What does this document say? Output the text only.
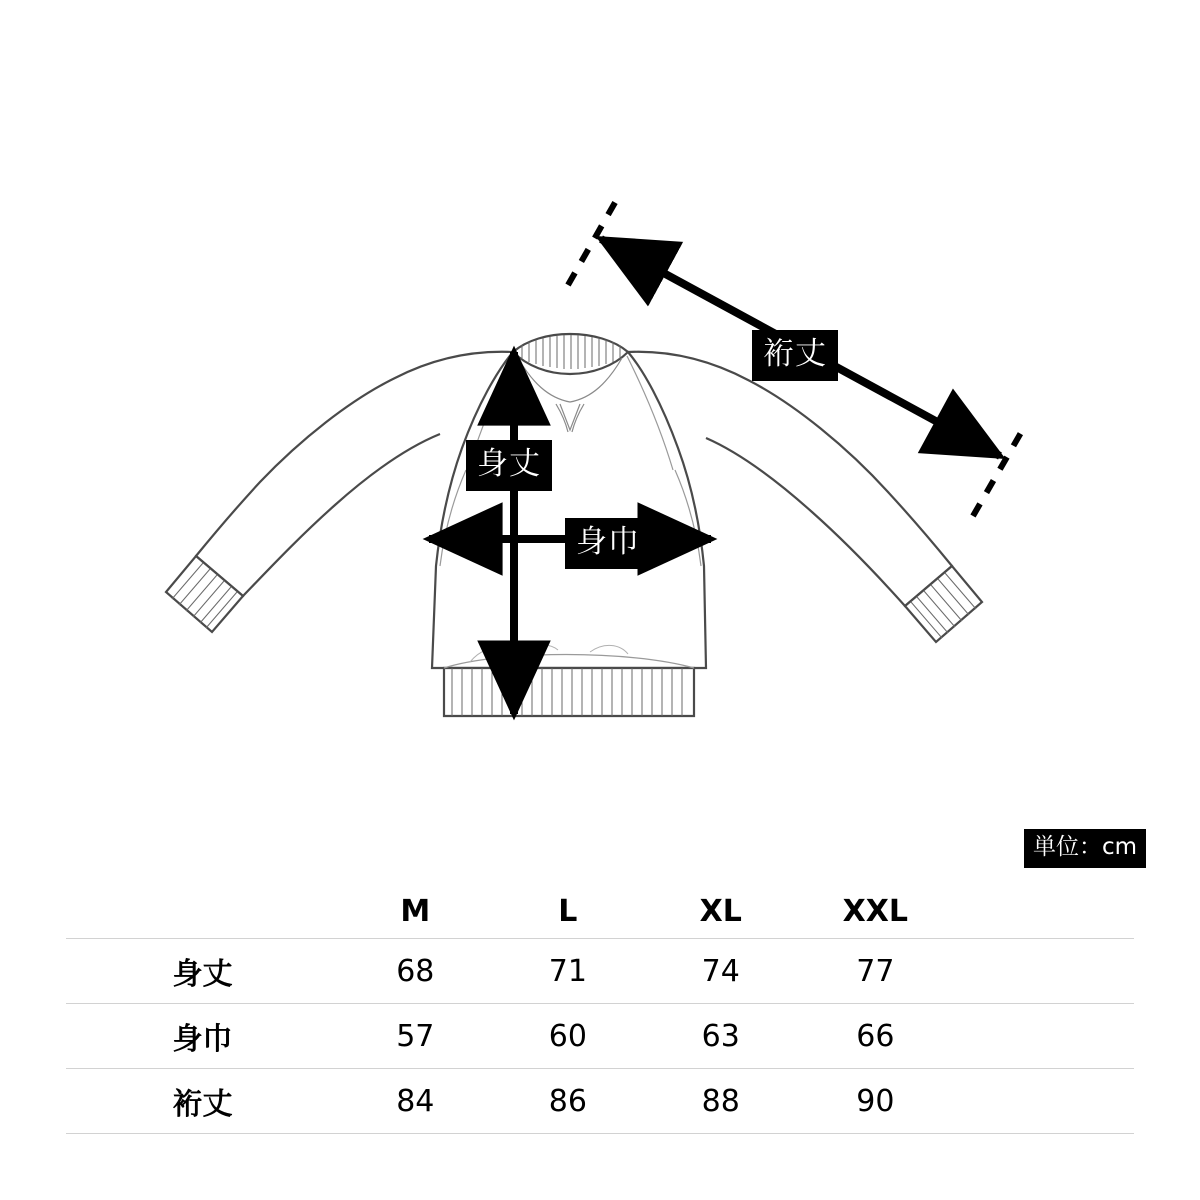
裄丈
身丈
身巾
単位：cm
	M	L	XL	XXL	
身丈	68	71	74	77	
身巾	57	60	63	66	
裄丈	84	86	88	90	
